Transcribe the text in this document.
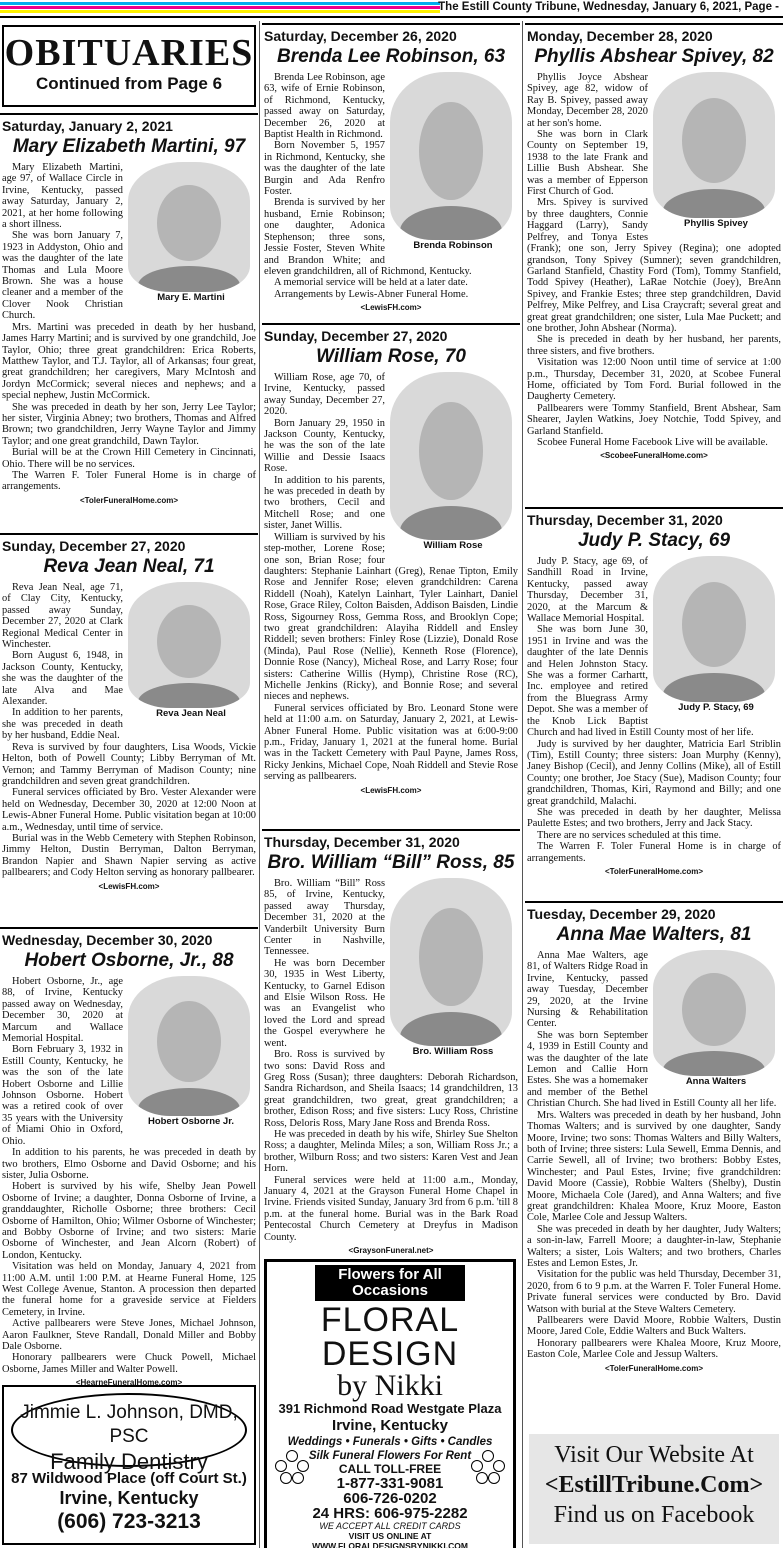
The Estill County Tribune, Wednesday, January 6, 2021, Page -
OBITUARIES
Continued from Page 6
Saturday, January 2, 2021
Mary Elizabeth Martini, 97
Mary E. Martini

Mary Elizabeth Martini, age 97, of Wallace Circle in Irvine, Kentucky, passed away Saturday, January 2, 2021, at her home following a short illness.

She was born January 7, 1923 in Addyston, Ohio and was the daughter of the late Thomas and Lula Moore Brown. She was a house cleaner and a member of the Clover Nook Christian Church.

Mrs. Martini was preceded in death by her husband, James Harry Martini; and is survived by one grandchild, Joe Taylor, Ohio; three great grandchildren: Erica Roberts, Matthew Taylor, and T.J. Taylor, all of Arkansas; four great, great grandchildren; her caregivers, Mary McIntosh and Jordyn McCormick; several nieces and nephews; and a special nephew, Justin McCormick.

She was preceded in death by her son, Jerry Lee Taylor; her sister, Virginia Abney; two brothers, Thomas and Alfred Brown; two grandchildren, Jerry Wayne Taylor and Jimmy Taylor; and one great grandchild, Dawn Taylor.

Burial will be at the Crown Hill Cemetery in Cincinnati, Ohio. There will be no services.

The Warren F. Toler Funeral Home is in charge of arrangements.

<TolerFuneralHome.com>
Sunday, December 27, 2020
Reva Jean Neal, 71
Reva Jean Neal

Reva Jean Neal, age 71, of Clay City, Kentucky, passed away Sunday, December 27, 2020 at Clark Regional Medical Center in Winchester.

Born August 6, 1948, in Jackson County, Kentucky, she was the daughter of the late Alva and Mae Alexander.

In addition to her parents, she was preceded in death by her husband, Eddie Neal.

Reva is survived by four daughters, Lisa Woods, Vickie Helton, both of Powell County; Libby Berryman of Mt. Vernon; and Tammy Berryman of Madison County; nine grandchildren and seven great grandchildren.

Funeral services officiated by Bro. Vester Alexander were held on Wednesday, December 30, 2020 at 12:00 Noon at Lewis-Abner Funeral Home. Public visitation began at 10:00 a.m., Wednesday, until time of service.

Burial was in the Webb Cemetery with Stephen Robinson, Jimmy Helton, Dustin Berryman, Dalton Berryman, Brandon Napier and Shawn Napier serving as active pallbearers; and Cody Helton serving as honorary pallbearer.

<LewisFH.com>
Wednesday, December 30, 2020
Hobert Osborne, Jr., 88
Hobert Osborne Jr.

Hobert Osborne, Jr., age 88, of Irvine, Kentucky passed away on Wednesday, December 30, 2020 at Marcum and Wallace Memorial Hospital.

Born February 3, 1932 in Estill County, Kentucky, he was the son of the late Hobert Osborne and Lillie Johnson Osborne. Hobert was a retired cook of over 35 years with the University of Miami Ohio in Oxford, Ohio.

In addition to his parents, he was preceded in death by two brothers, Elmo Osborne and David Osborne; and his sister, Julia Osborne.

Hobert is survived by his wife, Shelby Jean Powell Osborne of Irvine; a daughter, Donna Osborne of Irvine, a granddaughter, Richolle Osborne; three brothers: Cecil Osborne of Hamilton, Ohio; Wilmer Osborne of Winchester; and Bobby Osborne of Irvine; and two sisters: Marie Osborne of Winchester, and Jean Alcorn (Robert) of London, Kentucky.

Visitation was held on Monday, January 4, 2021 from 11:00 A.M. until 1:00 P.M. at Hearne Funeral Home, 125 West College Avenue, Stanton. A procession then departed the funeral home for a graveside service at Fielders Cemetery, in Irvine.

Active pallbearers were Steve Jones, Michael Johnson, Aaron Faulkner, Steve Randall, Donald Miller and Bobby Dale Osborne.

Honorary pallbearers were Chuck Powell, Michael Osborne, James Miller and Walter Powell.

<HearneFuneralHome.com>
Jimmie L. Johnson, DMD, PSC
Family Dentistry
87 Wildwood Place (off Court St.)
Irvine, Kentucky
(606) 723-3213
Saturday, December 26, 2020
Brenda Lee Robinson, 63
Brenda Robinson

Brenda Lee Robinson, age 63, wife of Ernie Robinson, of Richmond, Kentucky, passed away on Saturday, December 26, 2020 at Baptist Health in Richmond.

Born November 5, 1957 in Richmond, Kentucky, she was the daughter of the late Burgin and Ada Renfro Foster.

Brenda is survived by her husband, Ernie Robinson; one daughter, Adonica Stephenson; three sons, Jessie Foster, Steven White and Brandon White; and eleven grandchildren, all of Richmond, Kentucky.

A memorial service will be held at a later date.

Arrangements by Lewis-Abner Funeral Home.

<LewisFH.com>
Sunday, December 27, 2020
William Rose, 70
William Rose

William Rose, age 70, of Irvine, Kentucky, passed away Sunday, December 27, 2020.

Born January 29, 1950 in Jackson County, Kentucky, he was the son of the late Willie and Dessie Isaacs Rose.

In addition to his parents, he was preceded in death by two brothers, Cecil and Mitchell Rose; and one sister, Janet Willis.

William is survived by his step-mother, Lorene Rose; one son, Brian Rose; four daughters: Stephanie Lainhart (Greg), Renae Tipton, Emily Rose and Jennifer Rose; eleven grandchildren: Carena Riddell (Noah), Katelyn Lainhart, Tyler Lainhart, Daniel Rose, Grace Riley, Colton Baisden, Addison Baisden, Lindie Ross, Sigourney Ross, Gemma Ross, and Brooklyn Cope; two great grandchildren: Alayiha Riddell and Ensley Riddell; seven brothers: Finley Rose (Lizzie), Donald Rose (Minda), Paul Rose (Nellie), Kenneth Rose (Florence), Donnie Rose (Nancy), Micheal Rose, and Larry Rose; four sisters: Catherine Willis (Hymp), Christine Rose (RC), Michelle Jenkins (Ricky), and Bonnie Rose; and several nieces and nephews.

Funeral services officiated by Bro. Leonard Stone were held at 11:00 a.m. on Saturday, January 2, 2021, at Lewis-Abner Funeral Home. Public visitation was at 6:00-9:00 p.m., Friday, January 1, 2021 at the funeral home. Burial was in the Tackett Cemetery with Paul Payne, James Ross, Ricky Jenkins, Michael Cope, Noah Riddell and Stevie Rose serving as pallbearers.

<LewisFH.com>
Thursday, December 31, 2020
Bro. William “Bill” Ross, 85
Bro. William Ross

Bro. William “Bill” Ross 85, of Irvine, Kentucky, passed away Thursday, December 31, 2020 at the Vanderbilt University Burn Center in Nashville, Tennessee.

He was born December 30, 1935 in West Liberty, Kentucky, to Garnel Edison and Elsie Wilson Ross. He was an Evangelist who loved the Lord and spread the Gospel everywhere he went.

Bro. Ross is survived by two sons: David Ross and Greg Ross (Susan); three daughters: Deborah Richardson, Sandra Richardson, and Sheila Isaacs; 14 grandchildren, 13 great grandchildren, two great, great grandchildren; a brother, Edison Ross; and five sisters: Lucy Ross, Christine Ross, Deloris Ross, Mary Jane Ross and Brenda Ross.

He was preceded in death by his wife, Shirley Sue Shelton Ross; a daughter, Melinda Miles; a son, William Ross Jr.; a brother, Wilburn Ross; and two sisters: Karen Vest and Jean Horn.

Funeral services were held at 11:00 a.m., Monday, January 4, 2021 at the Grayson Funeral Home Chapel in Irvine. Friends visited Sunday, January 3rd from 6 p.m. 'till 8 p.m. at the funeral home. Burial was in the Bark Road Pentecostal Church Cemetery at Dreyfus in Madison County.

<GraysonFuneral.net>
Flowers for All Occasions
FLORAL DESIGN
by Nikki
391 Richmond Road Westgate Plaza
Irvine, Kentucky
Weddings • Funerals • Gifts • Candles
Silk Funeral Flowers For Rent
CALL TOLL-FREE
1-877-331-9081
606-726-0202
24 HRS: 606-975-2282
WE ACCEPT ALL CREDIT CARDS
VISIT US ONLINE AT
WWW.FLORALDESIGNSBYNIKKI.COM
Monday, December 28, 2020
Phyllis Abshear Spivey, 82
Phyllis Spivey

Phyllis Joyce Abshear Spivey, age 82, widow of Ray B. Spivey, passed away Monday, December 28, 2020 at her son's home.

She was born in Clark County on September 19, 1938 to the late Frank and Lillie Bush Abshear. She was a member of Epperson First Church of God.

Mrs. Spivey is survived by three daughters, Connie Haggard (Larry), Sandy Pelfrey, and Tonya Estes (Frank); one son, Jerry Spivey (Regina); one adopted grandson, Tony Spivey (Sumner); seven grandchildren, Garland Stanfield, Chastity Ford (Tom), Tommy Stanfield, Todd Spivey (Heather), LaRae Notchie (Joey), BreAnn Spivey, and Frankie Estes; three step grandchildren, David Pelfrey, Mike Pelfrey, and Lisa Craycraft; several great and great great grandchildren; one sister, Lula Mae Puckett; and one brother, John Abshear (Norma).

She is preceded in death by her husband, her parents, three sisters, and five brothers.

Visitation was 12:00 Noon until time of service at 1:00 p.m., Thursday, December 31, 2020, at Scobee Funeral Home, officiated by Tom Ford. Burial followed in the Daugherty Cemetery.

Pallbearers were Tommy Stanfield, Brent Abshear, Sam Shearer, Jaylen Watkins, Joey Notchie, Todd Spivey, and Garland Stanfield.

Scobee Funeral Home Facebook Live will be available.

<ScobeeFuneralHome.com>
Thursday, December 31, 2020
Judy P. Stacy, 69
Judy P. Stacy, 69

Judy P. Stacy, age 69, of Sandhill Road in Irvine, Kentucky, passed away Thursday, December 31, 2020, at the Marcum & Wallace Memorial Hospital.

She was born June 30, 1951 in Irvine and was the daughter of the late Dennis and Helen Johnston Stacy. She was a former Carhartt, Inc. employee and retired from the Bluegrass Army Depot. She was a member of the Knob Lick Baptist Church and had lived in Estill County most of her life.

Judy is survived by her daughter, Matricia Earl Striblin (Tim), Estill County; three sisters: Joan Murphy (Kenny), Janey Bishop (Cecil), and Jenny Collins (Mike), all of Estill County; one brother, Joe Stacy (Sue), Madison County; four grandchildren, Thomas, Kiri, Raymond and Billy; and one great grandchild, Malachi.

She was preceded in death by her daughter, Melissa Paulette Estes; and two brothers, Jerry and Jack Stacy.

There are no services scheduled at this time.

The Warren F. Toler Funeral Home is in charge of arrangements.

<TolerFuneralHome.com>
Tuesday, December 29, 2020
Anna Mae Walters, 81
Anna Walters

Anna Mae Walters, age 81, of Walters Ridge Road in Irvine, Kentucky, passed away Tuesday, December 29, 2020, at the Irvine Nursing & Rehabilitation Center.

She was born September 4, 1939 in Estill County and was the daughter of the late Lemon and Callie Horn Estes. She was a homemaker and member of the Bethel Christian Church. She had lived in Estill County all her life.

Mrs. Walters was preceded in death by her husband, John Thomas Walters; and is survived by one daughter, Sandy Moore, Irvine; two sons: Thomas Walters and Billy Walters, both of Irvine; three sisters: Lula Sewell, Emma Dennis, and Carrie Sewell, all of Irvine; two brothers: Bobby Estes, Winchester; and Paul Estes, Irvine; five grandchildren: David Moore (Cassie), Robbie Walters (Shelby), Dustin Moore, Michaela Cole (Jared), and Anna Walters; and five great grandchildren: Khalea Moore, Kruz Moore, Easton Cole, Marlee Cole and Jessup Walters.

She was preceded in death by her daughter, Judy Walters; a son-in-law, Farrell Moore; a daughter-in-law, Stephanie Walters; a sister, Lois Walters; and two brothers, Charles Estes and Lemon Estes, Jr.

Visitation for the public was held Thursday, December 31, 2020, from 6 to 9 p.m. at the Warren F. Toler Funeral Home. Private funeral services were conducted by Bro. David Watson with burial at the Steve Walters Cemetery.

Pallbearers were David Moore, Robbie Walters, Dustin Moore, Jared Cole, Eddie Walters and Buck Walters.

Honorary pallbearers were Khalea Moore, Kruz Moore, Easton Cole, Marlee Cole and Jessup Walters.

<TolerFuneralHome.com>
Visit Our Website At
<EstillTribune.Com>
Find us on Facebook
